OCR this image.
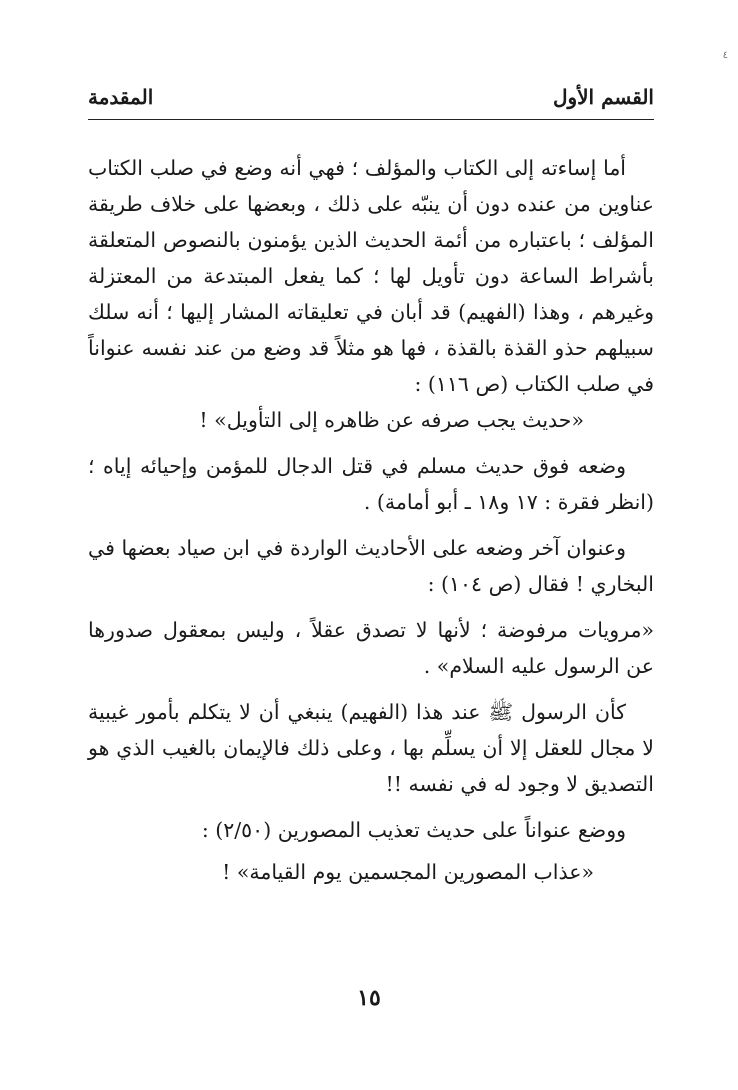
٤
القسم الأول
المقدمة

أما إساءته إلى الكتاب والمؤلف ؛ فهي أنه وضع في صلب الكتاب عناوين من عنده دون أن ينبّه على ذلك ، وبعضها على خلاف طريقة المؤلف ؛ باعتباره من أئمة الحديث الذين يؤمنون بالنصوص المتعلقة بأشراط الساعة دون تأويل لها ؛ كما يفعل المبتدعة من المعتزلة وغيرهم ، وهذا (الفهيم) قد أبان في تعليقاته المشار إليها ؛ أنه سلك سبيلهم حذو القذة بالقذة ، فها هو مثلاً قد وضع من عند نفسه عنواناً في صلب الكتاب (ص ١١٦) :

«حديث يجب صرفه عن ظاهره إلى التأويل» !

وضعه فوق حديث مسلم في قتل الدجال للمؤمن وإحيائه إياه ؛ (انظر فقرة : ١٧ و١٨ ـ أبو أمامة) .

وعنوان آخر وضعه على الأحاديث الواردة في ابن صياد بعضها في البخاري ! فقال (ص ١٠٤) :

«مرويات مرفوضة ؛ لأنها لا تصدق عقلاً ، وليس بمعقول صدورها عن الرسول عليه السلام» .

كأن الرسول ﷺ عند هذا (الفهيم) ينبغي أن لا يتكلم بأمور غيبية لا مجال للعقل إلا أن يسلِّم بها ، وعلى ذلك فالإيمان بالغيب الذي هو التصديق لا وجود له في نفسه !!

ووضع عنواناً على حديث تعذيب المصورين (٢/٥٠) :

«عذاب المصورين المجسمين يوم القيامة» !

١٥
